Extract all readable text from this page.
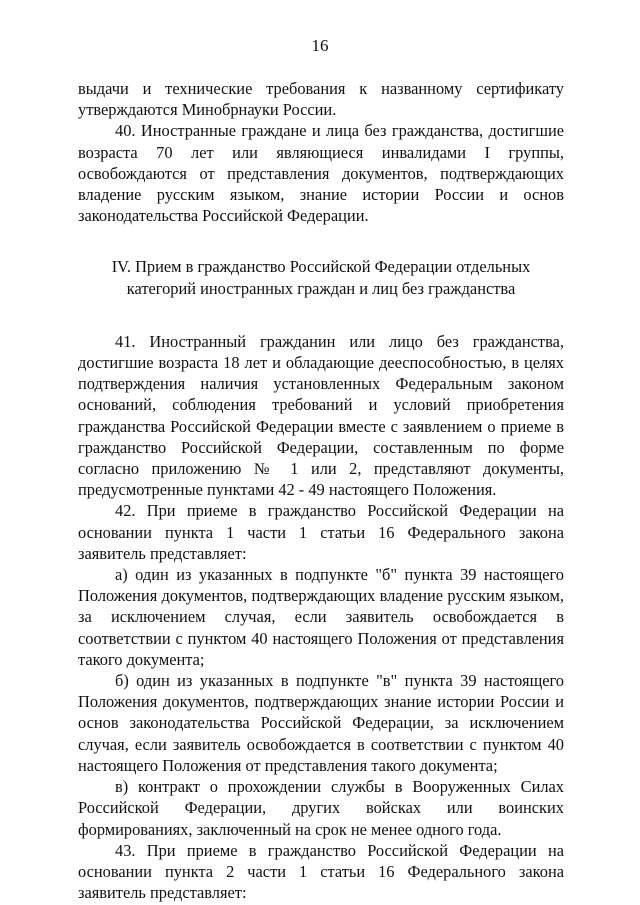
16

выдачи и технические требования к названному сертификату утверждаются Минобрнауки России.

40. Иностранные граждане и лица без гражданства, достигшие возраста 70 лет или являющиеся инвалидами I группы, освобождаются от представления документов, подтверждающих владение русским языком, знание истории России и основ законодательства Российской Федерации.

IV. Прием в гражданство Российской Федерации отдельных
категорий иностранных граждан и лиц без гражданства

41. Иностранный гражданин или лицо без гражданства, достигшие возраста 18 лет и обладающие дееспособностью, в целях подтверждения наличия установленных Федеральным законом оснований, соблюдения требований и условий приобретения гражданства Российской Федерации вместе с заявлением о приеме в гражданство Российской Федерации, составленным по форме согласно приложению № 1 или 2, представляют документы, предусмотренные пунктами 42 - 49 настоящего Положения.

42. При приеме в гражданство Российской Федерации на основании пункта 1 части 1 статьи 16 Федерального закона заявитель представляет:

а) один из указанных в подпункте "б" пункта 39 настоящего Положения документов, подтверждающих владение русским языком, за исключением случая, если заявитель освобождается в соответствии с пунктом 40 настоящего Положения от представления такого документа;

б) один из указанных в подпункте "в" пункта 39 настоящего Положения документов, подтверждающих знание истории России и основ законодательства Российской Федерации, за исключением случая, если заявитель освобождается в соответствии с пунктом 40 настоящего Положения от представления такого документа;

в) контракт о прохождении службы в Вооруженных Силах Российской Федерации, других войсках или воинских формированиях, заключенный на срок не менее одного года.

43. При приеме в гражданство Российской Федерации на основании пункта 2 части 1 статьи 16 Федерального закона заявитель представляет:
